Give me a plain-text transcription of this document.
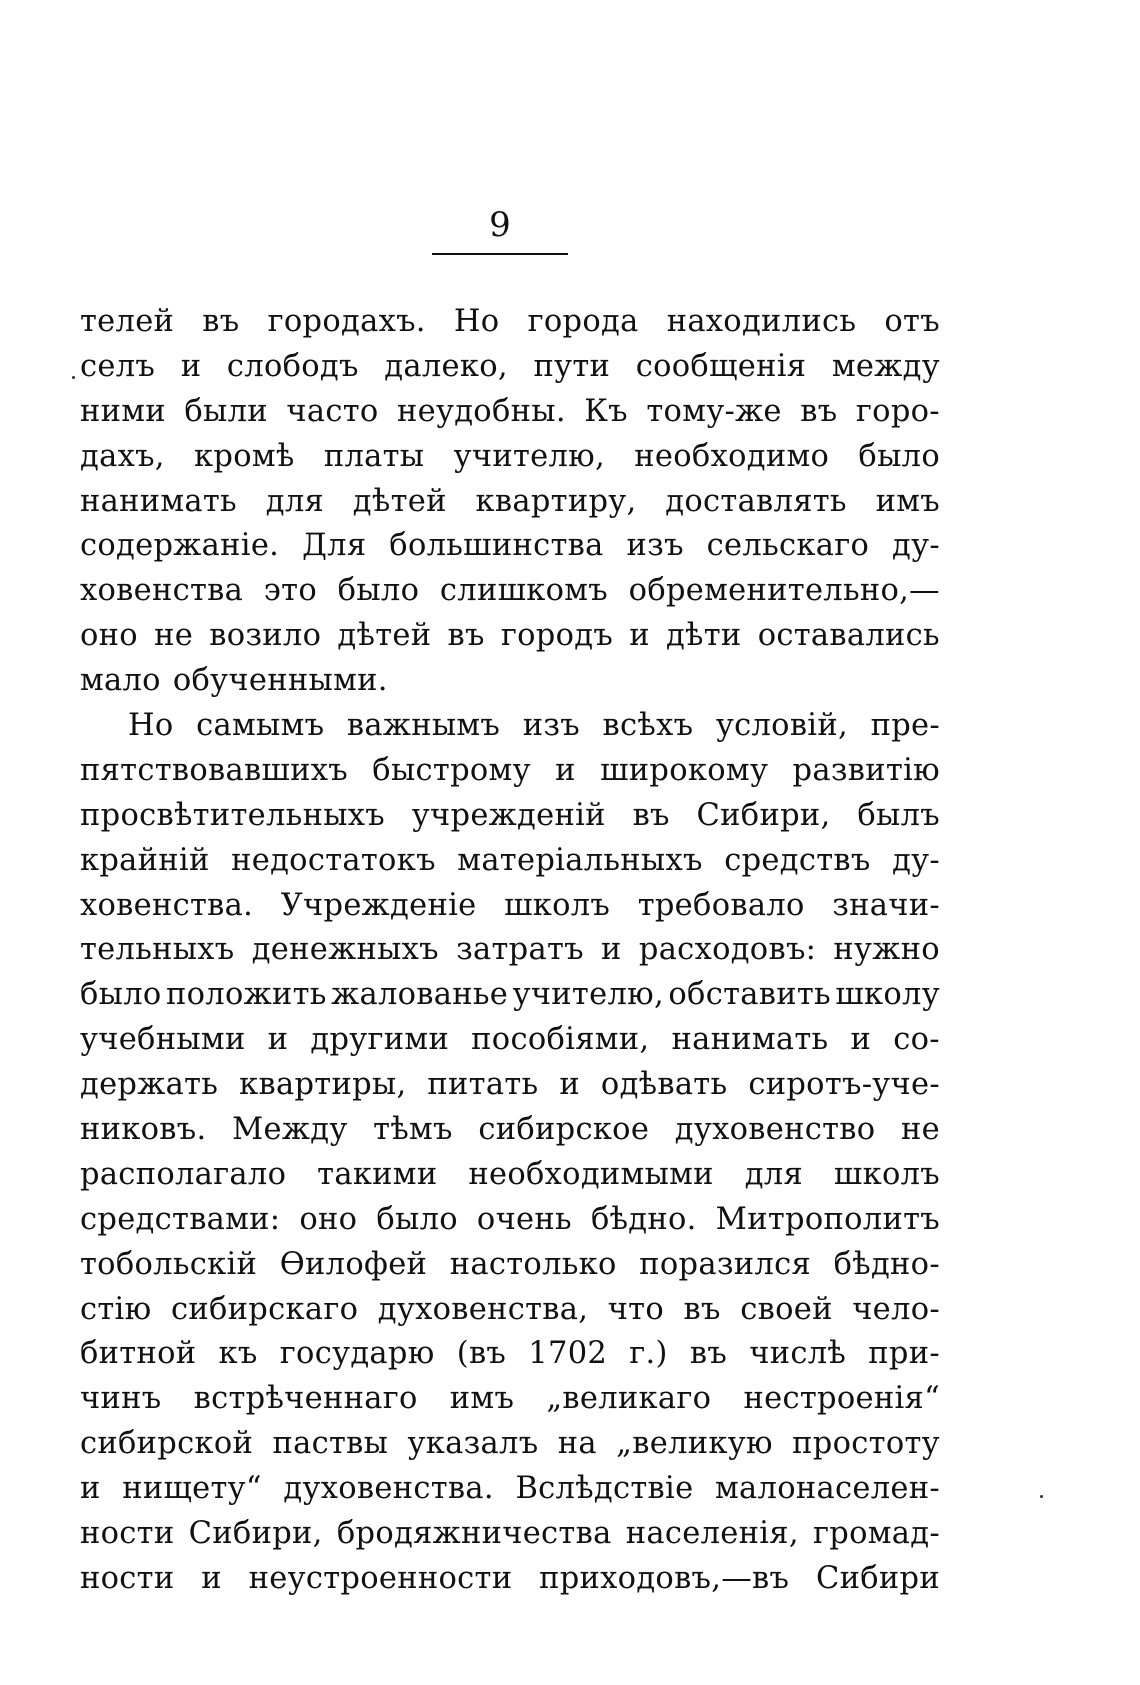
9
телей въ городахъ. Но города находились отъ
селъ и слободъ далеко, пути сообщенія между
ними были часто неудобны. Къ тому-же въ горо-
дахъ, кромѣ платы учителю, необходимо было
нанимать для дѣтей квартиру, доставлять имъ
содержаніе. Для большинства изъ сельскаго ду-
ховенства это было слишкомъ обременительно,—
оно не возило дѣтей въ городъ и дѣти оставались
мало обученными.
Но самымъ важнымъ изъ всѣхъ условій, пре-
пятствовавшихъ быстрому и широкому развитію
просвѣтительныхъ учрежденій въ Сибири, былъ
крайній недостатокъ матеріальныхъ средствъ ду-
ховенства. Учрежденіе школъ требовало значи-
тельныхъ денежныхъ затратъ и расходовъ: нужно
было положить жалованье учителю, обставить школу
учебными и другими пособіями, нанимать и со-
держать квартиры, питать и одѣвать сиротъ-уче-
никовъ. Между тѣмъ сибирское духовенство не
располагало такими необходимыми для школъ
средствами: оно было очень бѣдно. Митрополитъ
тобольскій Ѳилофей настолько поразился бѣдно-
стію сибирскаго духовенства, что въ своей чело-
битной къ государю (въ 1702 г.) въ числѣ при-
чинъ встрѣченнаго имъ „великаго нестроенія“
сибирской паствы указалъ на „великую простоту
и нищету“ духовенства. Вслѣдствіе малонаселен-
ности Сибири, бродяжничества населенія, громад-
ности и неустроенности приходовъ,—въ Сибири
